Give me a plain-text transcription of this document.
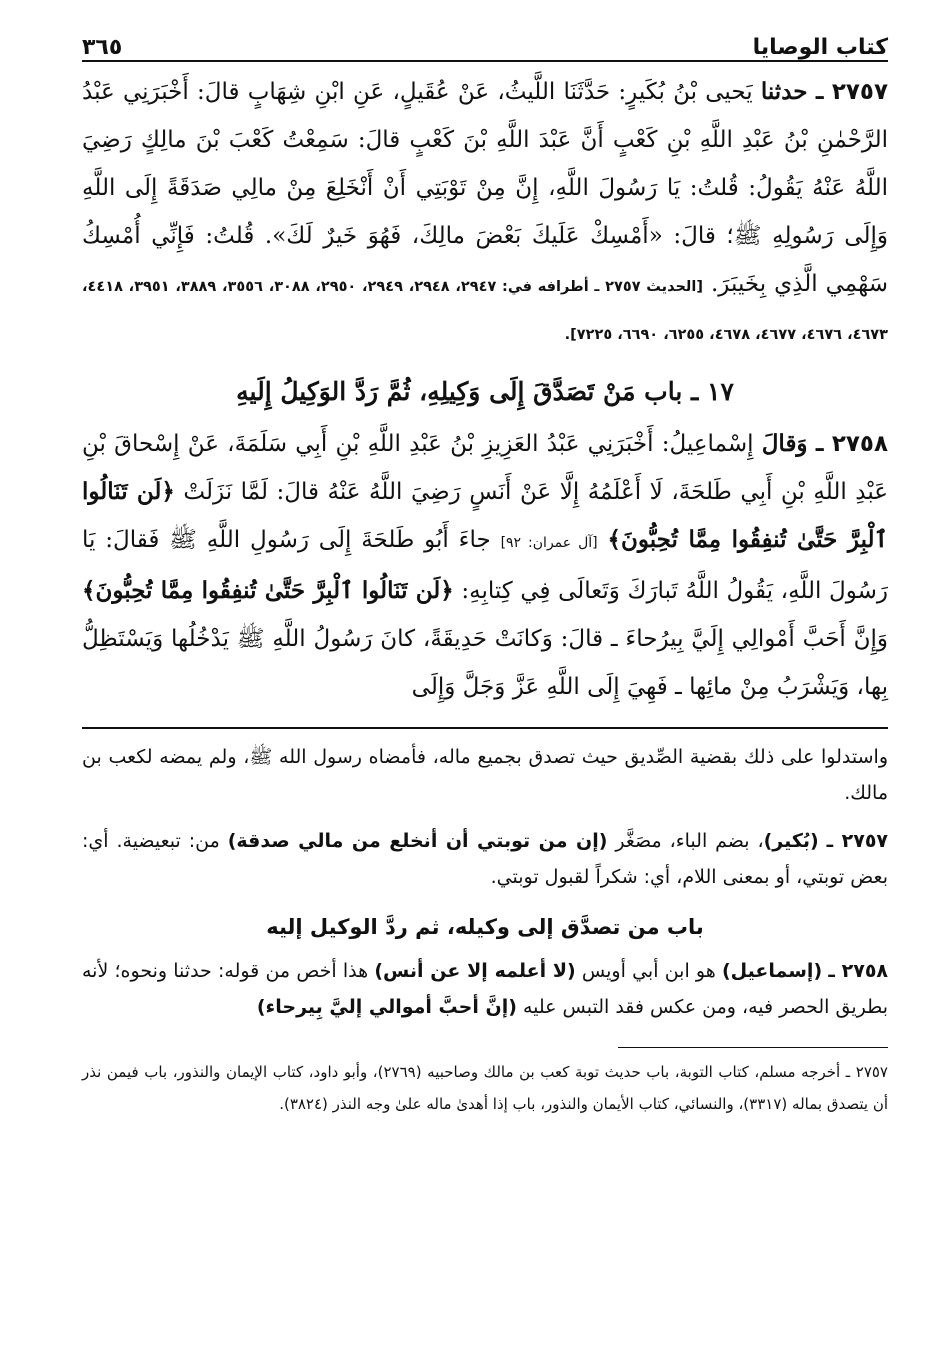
كتاب الوصايا
٣٦٥

٢٧٥٧ ـ حدثنا يَحيى بْنُ بُكَيرٍ: حَدَّثَنَا اللَّيثُ، عَنْ عُقَيلٍ، عَنِ ابْنِ شِهَابٍ قالَ: أَخْبَرَنِي عَبْدُ الرَّحْمٰنِ بْنُ عَبْدِ اللَّهِ بْنِ كَعْبٍ أَنَّ عَبْدَ اللَّهِ بْنَ كَعْبٍ قالَ: سَمِعْتُ كَعْبَ بْنَ مالِكٍ رَضِيَ اللَّهُ عَنْهُ يَقُولُ: قُلتُ: يَا رَسُولَ اللَّهِ، إِنَّ مِنْ تَوْبَتِي أَنْ أَنْخَلِعَ مِنْ مالِي صَدَقَةً إِلَى اللَّهِ وَإِلَى رَسُولِهِ ﷺ؛ قالَ: «أَمْسِكْ عَلَيكَ بَعْضَ مالِكَ، فَهُوَ خَيرٌ لَكَ». قُلتُ: فَإِنِّي أُمْسِكُ سَهْمِي الَّذِي بِخَيبَرَ. [الحديث ٢٧٥٧ ـ أطرافه في: ٢٩٤٧، ٢٩٤٨، ٢٩٤٩، ٢٩٥٠، ٣٠٨٨، ٣٥٥٦، ٣٨٨٩، ٣٩٥١، ٤٤١٨، ٤٦٧٣، ٤٦٧٦، ٤٦٧٧، ٤٦٧٨، ٦٢٥٥، ٦٦٩٠، ٧٢٢٥].

١٧ ـ باب مَنْ تَصَدَّقَ إِلَى وَكِيلِهِ، ثُمَّ رَدَّ الوَكِيلُ إِلَيهِ

٢٧٥٨ ـ وَقالَ إِسْماعِيلُ: أَخْبَرَنِي عَبْدُ العَزِيزِ بْنُ عَبْدِ اللَّهِ بْنِ أَبِي سَلَمَةَ، عَنْ إِسْحاقَ بْنِ عَبْدِ اللَّهِ بْنِ أَبِي طَلحَةَ، لَا أَعْلَمُهُ إِلَّا عَنْ أَنَسٍ رَضِيَ اللَّهُ عَنْهُ قالَ: لَمَّا نَزَلَتْ ﴿لَن تَنَالُوا ٱلْبِرَّ حَتَّىٰ تُنفِقُوا مِمَّا تُحِبُّونَ﴾ [آل عمران: ٩٢] جاءَ أَبُو طَلحَةَ إِلَى رَسُولِ اللَّهِ ﷺ فَقالَ: يَا رَسُولَ اللَّهِ، يَقُولُ اللَّهُ تَبارَكَ وَتَعالَى فِي كِتابِهِ: ﴿لَن تَنَالُوا ٱلْبِرَّ حَتَّىٰ تُنفِقُوا مِمَّا تُحِبُّونَ﴾ وَإِنَّ أَحَبَّ أَمْوالِي إِلَيَّ بِيرُحاءَ ـ قالَ: وَكانَتْ حَدِيقَةً، كانَ رَسُولُ اللَّهِ ﷺ يَدْخُلُها وَيَسْتَظِلُّ بِها، وَيَشْرَبُ مِنْ مائِها ـ فَهِيَ إِلَى اللَّهِ عَزَّ وَجَلَّ وَإِلَى

واستدلوا على ذلك بقضية الصِّديق حيث تصدق بجميع ماله، فأمضاه رسول الله ﷺ، ولم يمضه لكعب بن مالك.

٢٧٥٧ ـ (بُكير)، بضم الباء، مصَغَّر (إن من توبتي أن أنخلع من مالي صدقة) من: تبعيضية. أي: بعض توبتي، أو بمعنى اللام، أي: شكراً لقبول توبتي.

باب من تصدَّق إلى وكيله، ثم ردَّ الوكيل إليه

٢٧٥٨ ـ (إسماعيل) هو ابن أبي أويس (لا أعلمه إلا عن أنس) هذا أخص من قوله: حدثنا ونحوه؛ لأنه بطريق الحصر فيه، ومن عكس فقد التبس عليه (إنَّ أحبَّ أموالي إليَّ بِيرحاء)

٢٧٥٧ ـ أخرجه مسلم، كتاب التوبة، باب حديث توبة كعب بن مالك وصاحبيه (٢٧٦٩)، وأبو داود، كتاب الإيمان والنذور، باب فيمن نذر أن يتصدق بماله (٣٣١٧)، والنسائي، كتاب الأيمان والنذور، باب إذا أهدىٰ ماله علىٰ وجه النذر (٣٨٢٤).
